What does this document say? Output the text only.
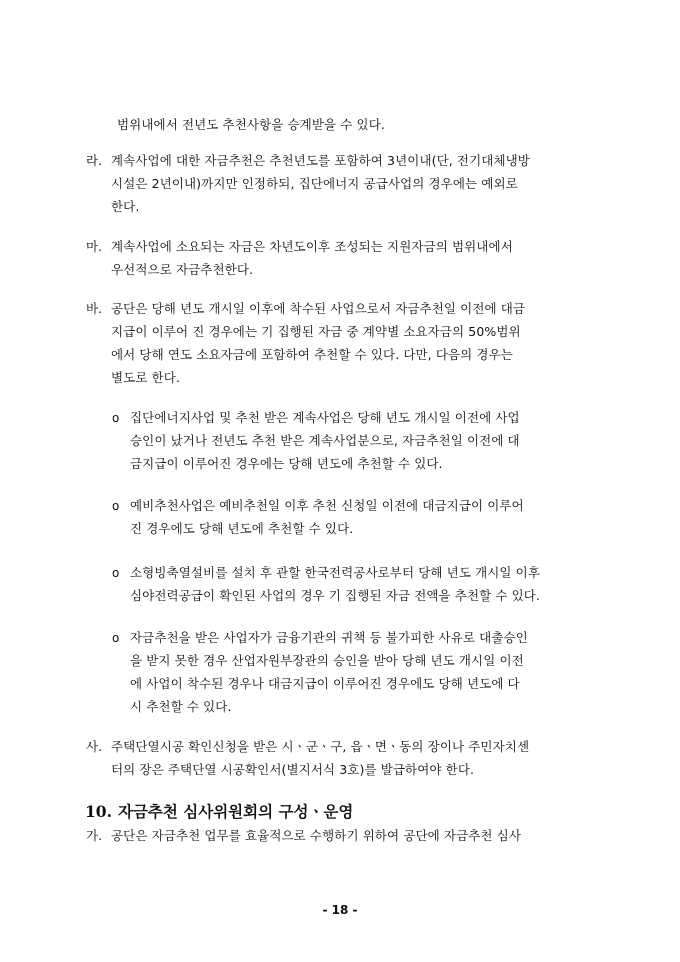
범위내에서 전년도 추천사항을 승계받을 수 있다.
라. 계속사업에 대한 자금추천은 추천년도를 포함하여 3년이내(단, 전기대체냉방
시설은 2년이내)까지만 인정하되, 집단에너지 공급사업의 경우에는 예외로
한다.
마. 계속사업에 소요되는 자금은 차년도이후 조성되는 지원자금의 범위내에서
우선적으로 자금추천한다.
바. 공단은 당해 년도 개시일 이후에 착수된 사업으로서 자금추천일 이전에 대금
지급이 이루어 진 경우에는 기 집행된 자금 중 계약별 소요자금의 50%범위
에서 당해 연도 소요자금에 포함하여 추천할 수 있다. 다만, 다음의 경우는
별도로 한다.
o 집단에너지사업 및 추천 받은 계속사업은 당해 년도 개시일 이전에 사업
승인이 났거나 전년도 추천 받은 계속사업분으로, 자금추천일 이전에 대
금지급이 이루어진 경우에는 당해 년도에 추천할 수 있다.
o 예비추천사업은 예비추천일 이후 추천 신청일 이전에 대금지급이 이루어
진 경우에도 당해 년도에 추천할 수 있다.
o 소형빙축열설비를 설치 후 관할 한국전력공사로부터 당해 년도 개시일 이후
심야전력공급이 확인된 사업의 경우 기 집행된 자금 전액을 추천할 수 있다.
o 자금추천을 받은 사업자가 금융기관의 귀책 등 불가피한 사유로 대출승인
을 받지 못한 경우 산업자원부장관의 승인을 받아 당해 년도 개시일 이전
에 사업이 착수된 경우나 대금지급이 이루어진 경우에도 당해 년도에 다
시 추천할 수 있다.
사. 주택단열시공 확인신청을 받은 시ㆍ군ㆍ구, 읍ㆍ면ㆍ동의 장이나 주민자치센
터의 장은 주택단열 시공확인서(별지서식 3호)를 발급하여야 한다.
10. 자금추천 심사위원회의 구성ㆍ운영
가. 공단은 자금추천 업무를 효율적으로 수행하기 위하여 공단에 자금추천 심사
- 18 -
